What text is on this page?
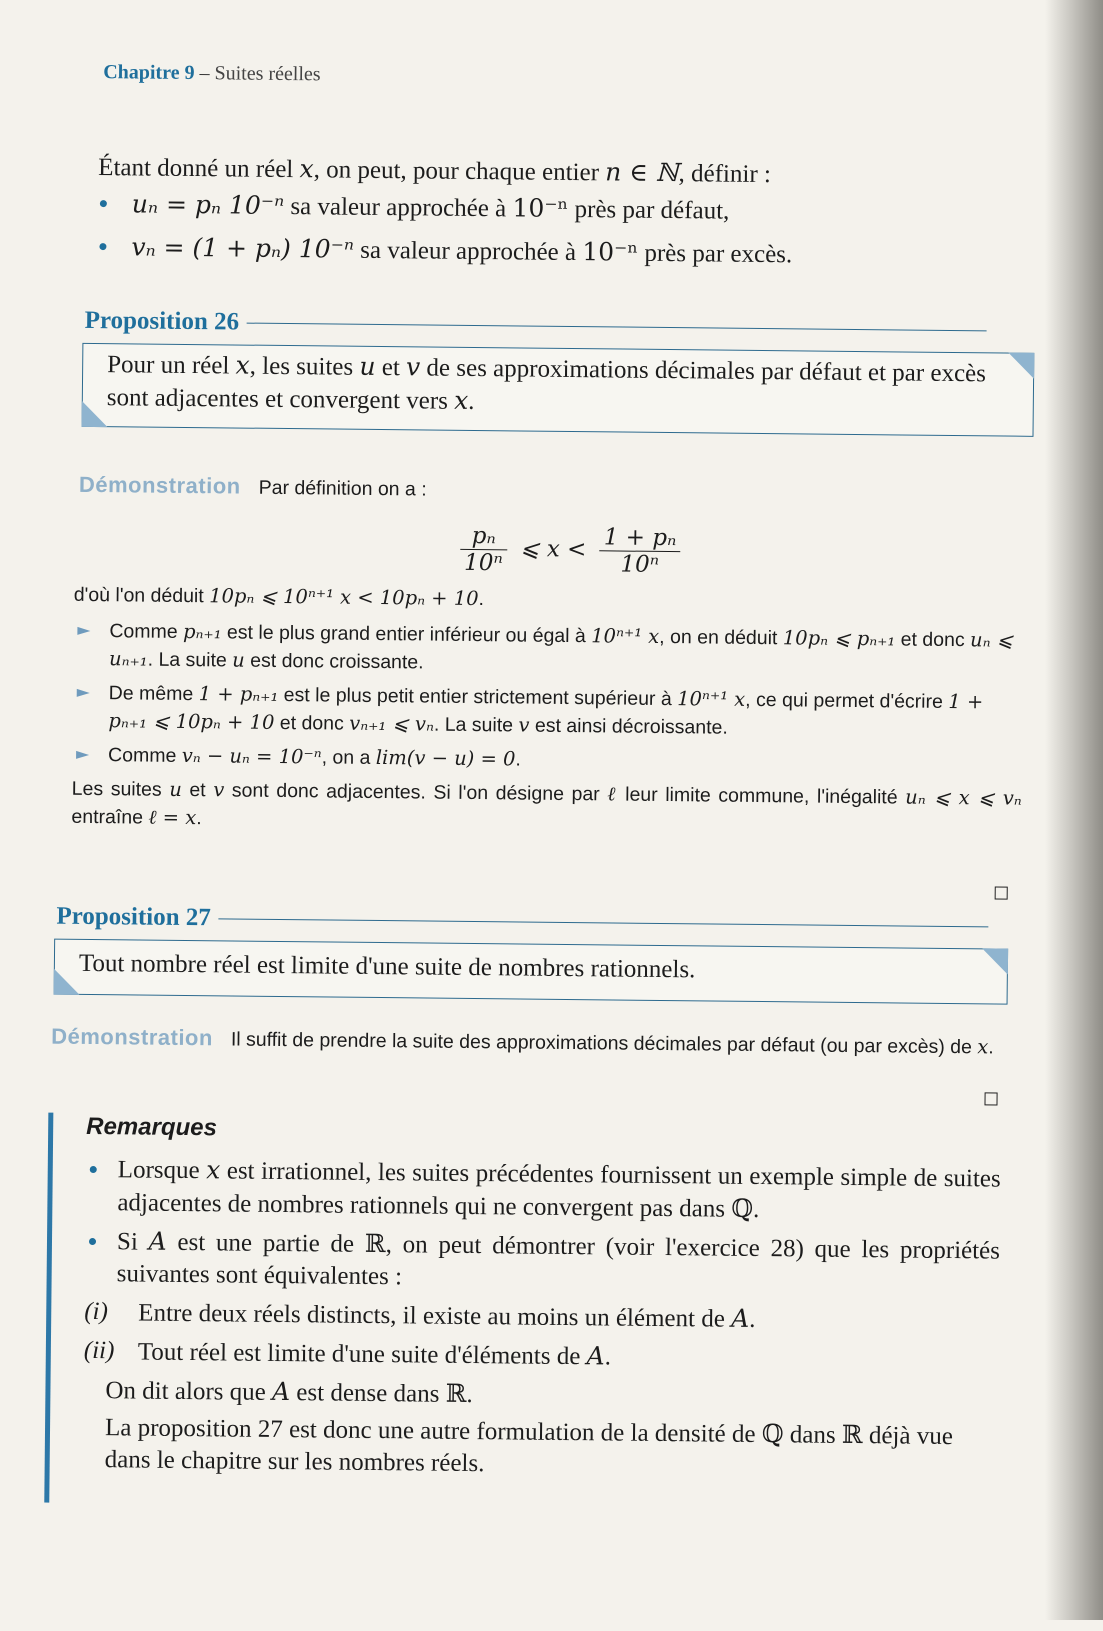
Chapitre 9 – Suites réelles
Étant donné un réel x, on peut, pour chaque entier n ∈ ℕ, définir :
uₙ = pₙ 10⁻ⁿ sa valeur approchée à 10⁻ⁿ près par défaut,
vₙ = (1 + pₙ) 10⁻ⁿ sa valeur approchée à 10⁻ⁿ près par excès.
Proposition 26
Pour un réel x, les suites u et v de ses approximations décimales par défaut et par excès sont adjacentes et convergent vers x.
Démonstration Par définition on a :
$\frac{\text{pₙ}}{\text{10ⁿ}}$ ⩽ $x < \frac{\text{1 + pₙ}}{\text{10ⁿ}}$
d'où l'on déduit 10pₙ ⩽ 10ⁿ⁺¹ x < 10pₙ + 10.
Comme pₙ₊₁ est le plus grand entier inférieur ou égal à 10ⁿ⁺¹ x, on en déduit 10pₙ ⩽ pₙ₊₁ et donc uₙ ⩽ uₙ₊₁. La suite u est donc croissante.
De même 1 + pₙ₊₁ est le plus petit entier strictement supérieur à 10ⁿ⁺¹ x, ce qui permet d'écrire 1 + pₙ₊₁ ⩽ 10pₙ + 10 et donc vₙ₊₁ ⩽ vₙ. La suite v est ainsi décroissante.
Comme vₙ − uₙ = 10⁻ⁿ, on a lim(v − u) = 0.
Les suites u et v sont donc adjacentes. Si l'on désigne par ℓ leur limite commune, l'inégalité uₙ ⩽ x ⩽ vₙ entraîne ℓ = x.
Proposition 27
Tout nombre réel est limite d'une suite de nombres rationnels.
Démonstration Il suffit de prendre la suite des approximations décimales par défaut (ou par excès) de x.
Remarques
Lorsque x est irrationnel, les suites précédentes fournissent un exemple simple de suites adjacentes de nombres rationnels qui ne convergent pas dans ℚ.
Si A est une partie de ℝ, on peut démontrer (voir l'exercice 28) que les propriétés suivantes sont équivalentes :
(i) Entre deux réels distincts, il existe au moins un élément de A.
(ii) Tout réel est limite d'une suite d'éléments de A.
On dit alors que A est dense dans ℝ.
La proposition 27 est donc une autre formulation de la densité de ℚ dans ℝ déjà vue dans le chapitre sur les nombres réels.
